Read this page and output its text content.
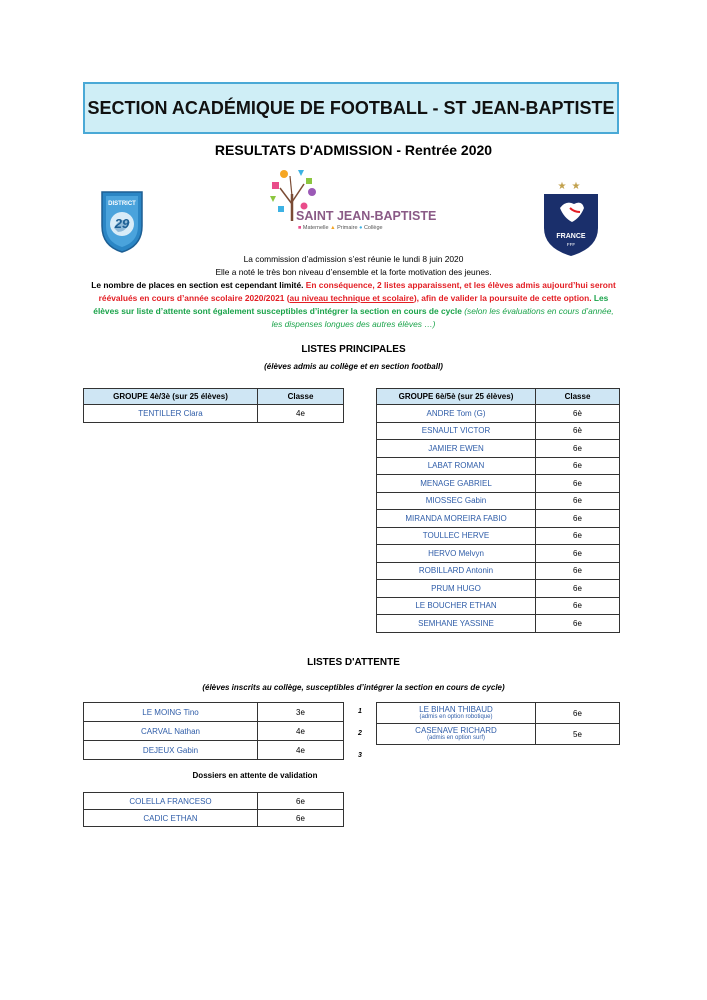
SECTION ACADÉMIQUE DE FOOTBALL - ST JEAN-BAPTISTE
RESULTATS D'ADMISSION - Rentrée 2020
DISTRICT
29	SAINT JEAN-BAPTISTE
■ Maternelle ▲ Primaire ● Collège
★ ★
FRANCE
FFF
La commission d’admission s’est réunie le lundi 8 juin 2020
Elle a noté le très bon niveau d’ensemble et la forte motivation des jeunes.
Le nombre de places en section est cependant limité. En conséquence, 2 listes apparaissent, et les élèves admis aujourd’hui seront
réévalués en cours d’année scolaire 2020/2021 (au niveau technique et scolaire), afin de valider la poursuite de cette option. Les
élèves sur liste d’attente sont également susceptibles d’intégrer la section en cours de cycle (selon les évaluations en cours d’année,
les dispenses longues des autres élèves …)
LISTES PRINCIPALES
(élèves admis au collège et en section football)
GROUPE 4è/3è (sur 25 élèves)	Classe
TENTILLER Clara	4e
GROUPE 6è/5è (sur 25 élèves)	Classe
ANDRE Tom (G)	6è
ESNAULT VICTOR	6è
JAMIER EWEN	6e
LABAT ROMAN	6e
MENAGE GABRIEL	6e
MIOSSEC Gabin	6e
MIRANDA MOREIRA FABIO	6e
TOULLEC HERVE	6e
HERVO Melvyn	6e
ROBILLARD Antonin	6e
PRUM HUGO	6e
LE BOUCHER ETHAN	6e
SEMHANE YASSINE	6e
LISTES D'ATTENTE
(élèves inscrits au collège, susceptibles d’intégrer la section en cours de cycle)
LE MOING Tino	3e
CARVAL Nathan	4e
DEJEUX Gabin	4e
1
2
3
LE BIHAN THIBAUD
(admis en option robotique)	6e
CASENAVE RICHARD
(admis en option surf)	5e
Dossiers en attente de validation
COLELLA FRANCESO	6e
CADIC ETHAN	6e
